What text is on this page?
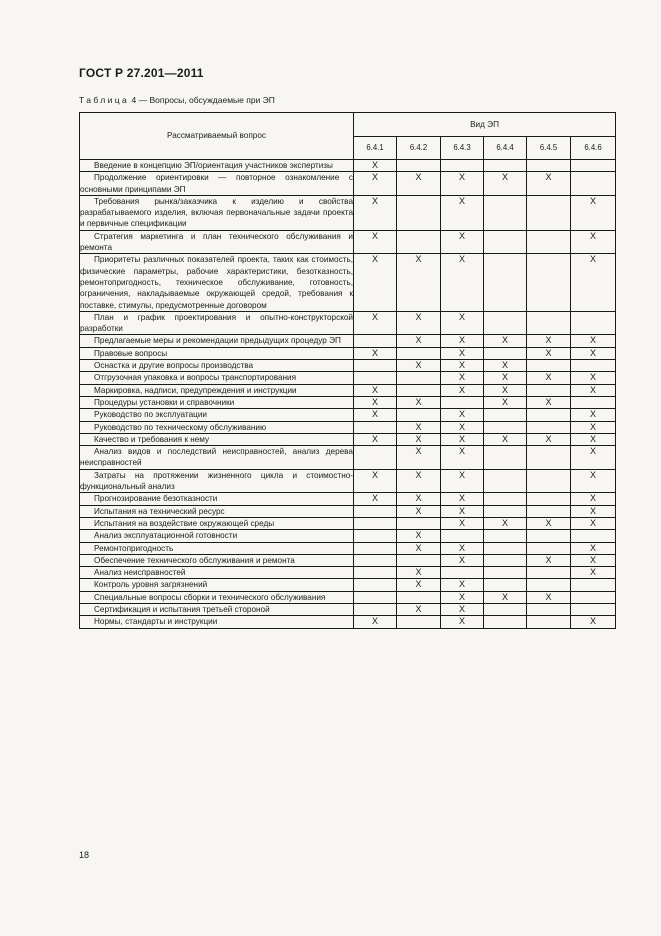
ГОСТ Р 27.201—2011
Таблица 4 — Вопросы, обсуждаемые при ЭП
Рассматриваемый вопрос	Вид ЭП					
	6.4.1	6.4.2	6.4.3	6.4.4	6.4.5	6.4.6
Введение в концепцию ЭП/ориентация участников экспертизы	X					
Продолжение ориентировки — повторное ознакомление с основными принципами ЭП	X	X	X	X	X	
Требования рынка/заказчика к изделию и свойства разрабатываемого изделия, включая первоначальные задачи проекта и первичные спецификации	X		X			X
Стратегия маркетинга и план технического обслуживания и ремонта	X		X			X
Приоритеты различных показателей проекта, таких как стоимость, физические параметры, рабочие характеристики, безотказность, ремонтопригодность, техническое обслуживание, готовность, ограничения, накладываемые окружающей средой, требования к поставке, стимулы, предусмотренные договором	X	X	X			X
План и график проектирования и опытно-конструкторской разработки	X	X	X			
Предлагаемые меры и рекомендации предыдущих процедур ЭП		X	X	X	X	X
Правовые вопросы	X		X		X	X
Оснастка и другие вопросы производства		X	X	X		
Отгрузочная упаковка и вопросы транспортирования			X	X	X	X
Маркировка, надписи, предупреждения и инструкции	X		X	X		X
Процедуры установки и справочники	X	X		X	X	
Руководство по эксплуатации	X		X			X
Руководство по техническому обслуживанию		X	X			X
Качество и требования к нему	X	X	X	X	X	X
Анализ видов и последствий неисправностей, анализ дерева неисправностей		X	X			X
Затраты на протяжении жизненного цикла и стоимостно-функциональный анализ	X	X	X			X
Прогнозирование безотказности	X	X	X			X
Испытания на технический ресурс		X	X			X
Испытания на воздействие окружающей среды			X	X	X	X
Анализ эксплуатационной готовности		X				
Ремонтопригодность		X	X			X
Обеспечение технического обслуживания и ремонта			X		X	X
Анализ неисправностей		X				X
Контроль уровня загрязнений		X	X			
Специальные вопросы сборки и технического обслуживания			X	X	X	
Сертификация и испытания третьей стороной		X	X			
Нормы, стандарты и инструкции	X		X			X
18
